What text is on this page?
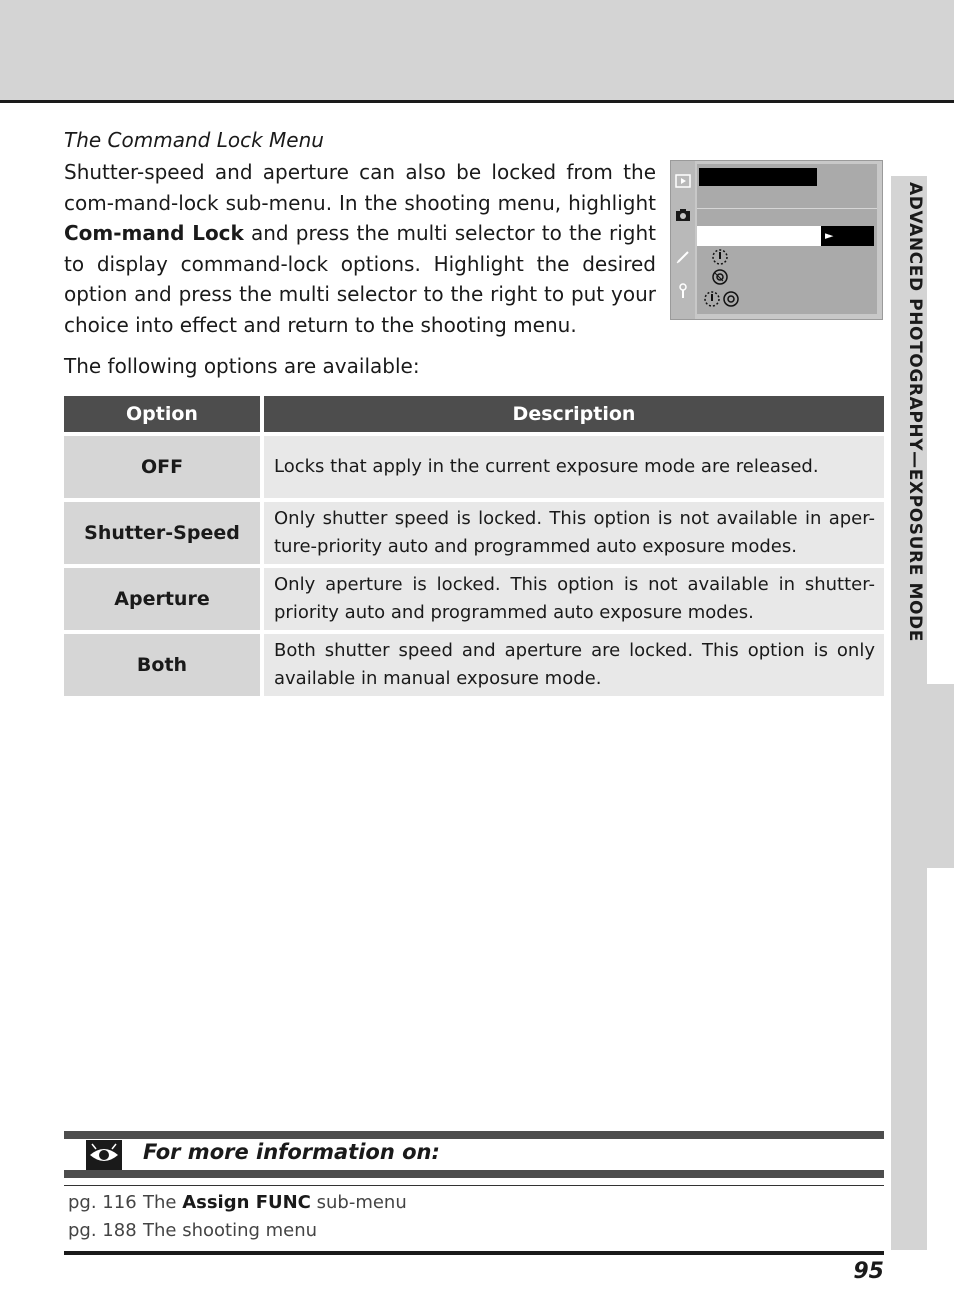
ADVANCED PHOTOGRAPHY—EXPOSURE MODE
The Command Lock Menu

Shutter-speed and aperture can also be locked from the com-mand-lock sub-menu. In the shooting menu, highlight Com-mand Lock and press the multi selector to the right to display command-lock options. Highlight the desired option and press the multi selector to the right to put your choice into effect and return to the shooting menu.

The following options are available:
►
Option	Description
OFF	Locks that apply in the current exposure mode are released.
Shutter-Speed	Only shutter speed is locked. This option is not available in aper-ture-priority auto and programmed auto exposure modes.
Aperture	Only aperture is locked. This option is not available in shutter-priority auto and programmed auto exposure modes.
Both	Both shutter speed and aperture are locked. This option is only available in manual exposure mode.
For more information on:
pg. 116 The Assign FUNC sub-menu
pg. 188 The shooting menu
95
